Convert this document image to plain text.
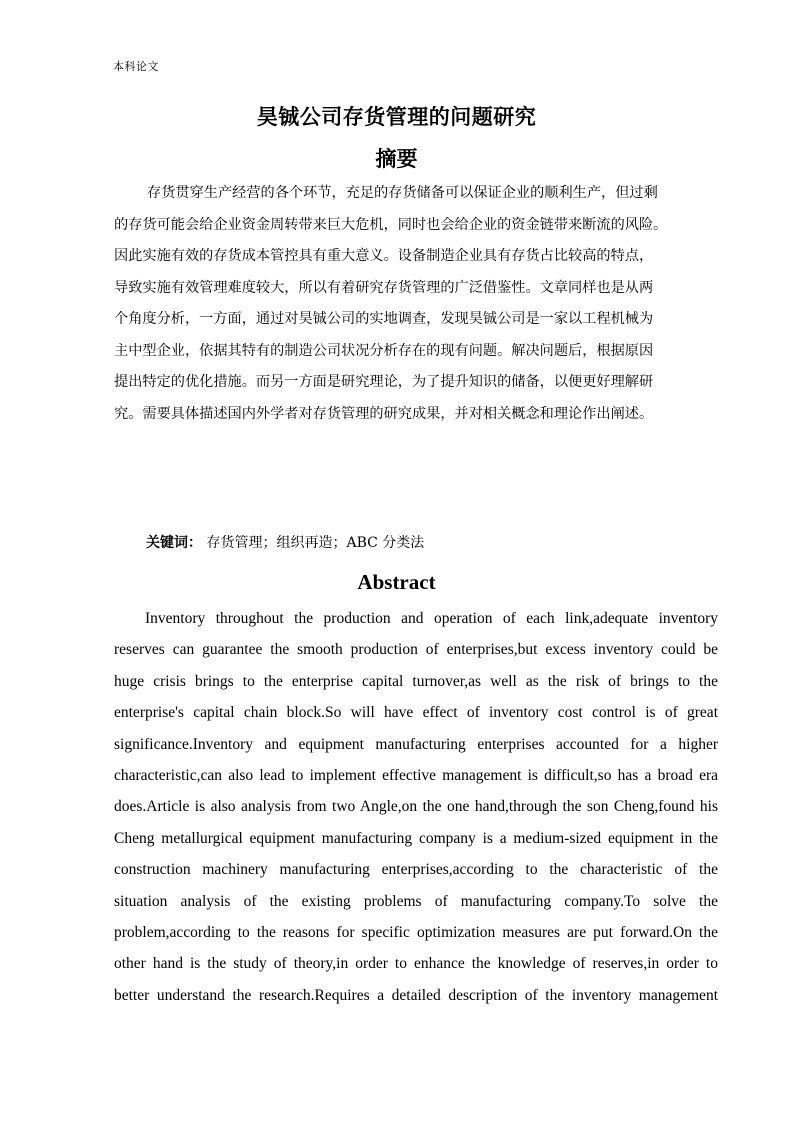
本科论文
昊铖公司存货管理的问题研究
摘要
存货贯穿生产经营的各个环节，充足的存货储备可以保证企业的顺利生产，但过剩
的存货可能会给企业资金周转带来巨大危机，同时也会给企业的资金链带来断流的风险。
因此实施有效的存货成本管控具有重大意义。设备制造企业具有存货占比较高的特点，
导致实施有效管理难度较大，所以有着研究存货管理的广泛借鉴性。文章同样也是从两
个角度分析，一方面，通过对昊铖公司的实地调查，发现昊铖公司是一家以工程机械为
主中型企业，依据其特有的制造公司状况分析存在的现有问题。解决问题后，根据原因
提出特定的优化措施。而另一方面是研究理论，为了提升知识的储备，以便更好理解研
究。需要具体描述国内外学者对存货管理的研究成果，并对相关概念和理论作出阐述。
关键词： 存货管理；组织再造；ABC 分类法
Abstract
Inventory throughout the production and operation of each link,adequate inventory
reserves can guarantee the smooth production of enterprises,but excess inventory could be
huge crisis brings to the enterprise capital turnover,as well as the risk of brings to the
enterprise's capital chain block.So will have effect of inventory cost control is of great
significance.Inventory and equipment manufacturing enterprises accounted for a higher
characteristic,can also lead to implement effective management is difficult,so has a broad era
does.Article is also analysis from two Angle,on the one hand,through the son Cheng,found his
Cheng metallurgical equipment manufacturing company is a medium-sized equipment in the
construction machinery manufacturing enterprises,according to the characteristic of the
situation analysis of the existing problems of manufacturing company.To solve the
problem,according to the reasons for specific optimization measures are put forward.On the
other hand is the study of theory,in order to enhance the knowledge of reserves,in order to
better understand the research.Requires a detailed description of the inventory management
